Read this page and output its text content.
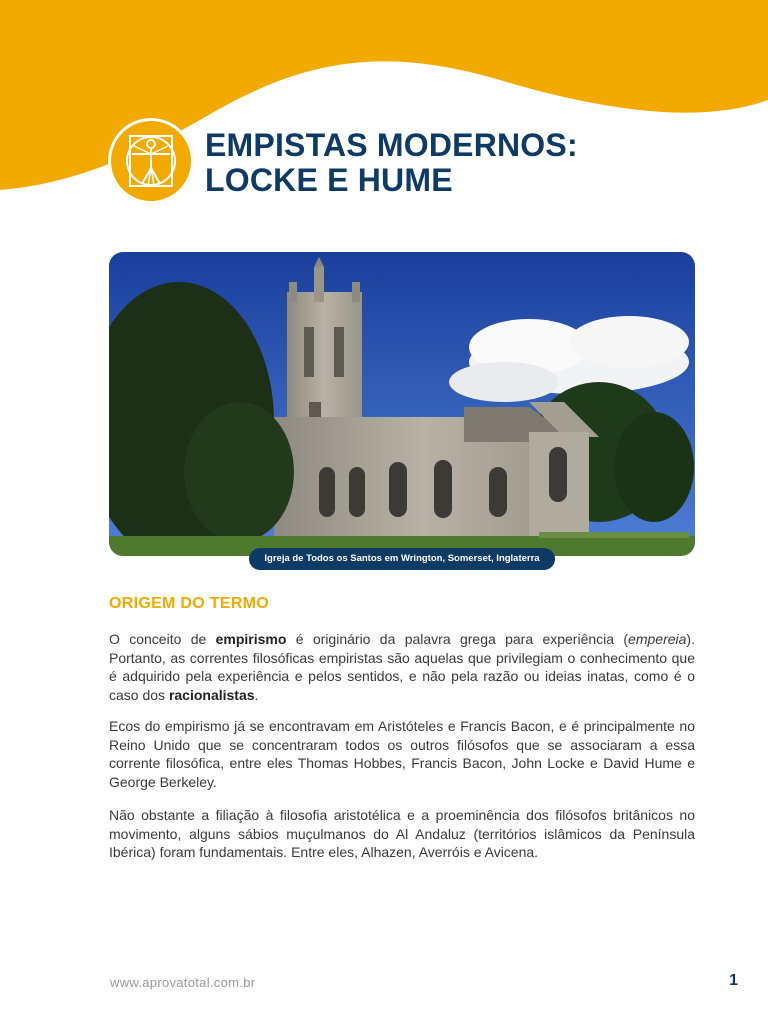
EMPISTAS MODERNOS:
LOCKE E HUME
Igreja de Todos os Santos em Wrington, Somerset, Inglaterra
ORIGEM DO TERMO

O conceito de empirismo é originário da palavra grega para experiência (empereia). Portanto, as correntes filosóficas empiristas são aquelas que privilegiam o conhecimento que é adquirido pela experiência e pelos sentidos, e não pela razão ou ideias inatas, como é o caso dos racionalistas.

Ecos do empirismo já se encontravam em Aristóteles e Francis Bacon, e é principalmente no Reino Unido que se concentraram todos os outros filósofos que se associaram a essa corrente filosófica, entre eles Thomas Hobbes, Francis Bacon, John Locke e David Hume e George Berkeley.

Não obstante a filiação à filosofia aristotélica e a proeminência dos filósofos britânicos no movimento, alguns sábios muçulmanos do Al Andaluz (territórios islâmicos da Península Ibérica) foram fundamentais. Entre eles, Alhazen, Averróis e Avicena.

www.aprovatotal.com.br	1
